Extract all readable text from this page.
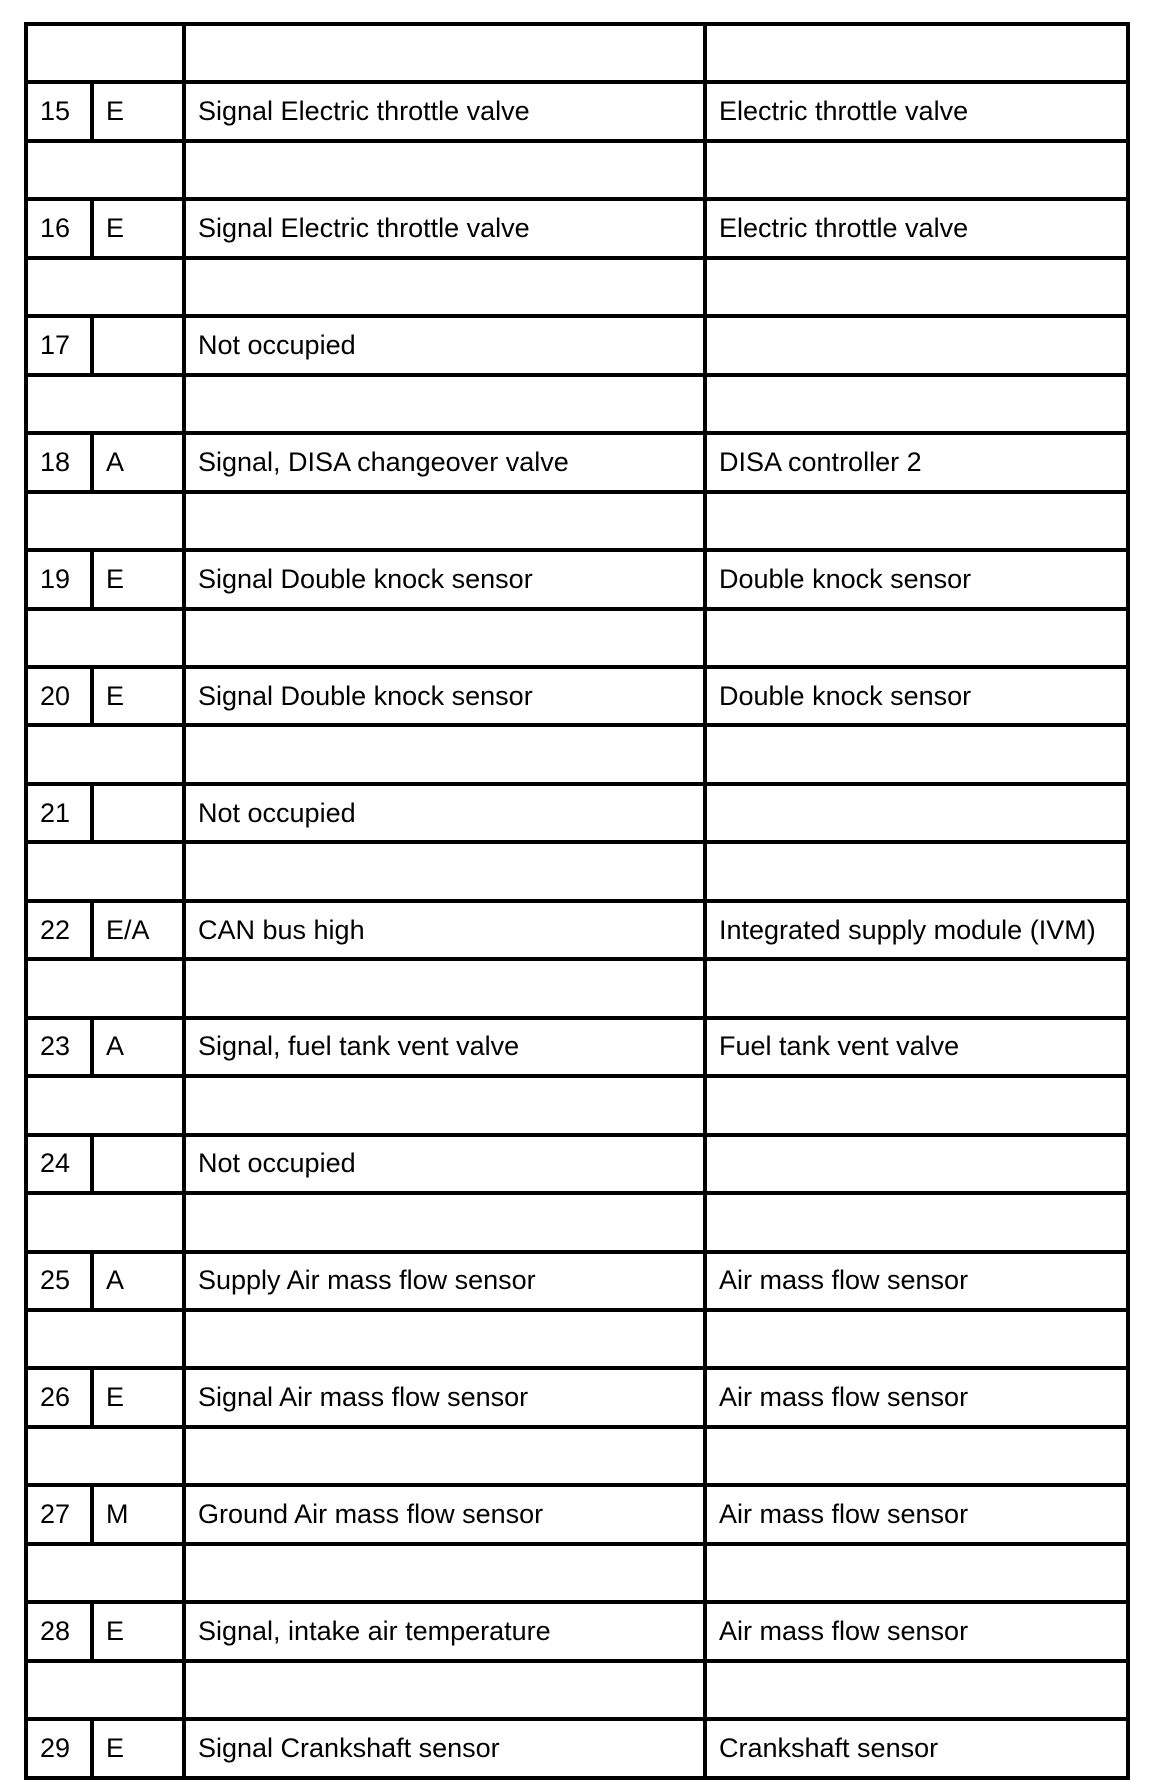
15	E	Signal Electric throttle valve	Electric throttle valve

16	E	Signal Electric throttle valve	Electric throttle valve

17		Not occupied	

18	A	Signal, DISA changeover valve	DISA controller 2

19	E	Signal Double knock sensor	Double knock sensor

20	E	Signal Double knock sensor	Double knock sensor

21		Not occupied	

22	E/A	CAN bus high	Integrated supply module (IVM)

23	A	Signal, fuel tank vent valve	Fuel tank vent valve

24		Not occupied	

25	A	Supply Air mass flow sensor	Air mass flow sensor

26	E	Signal Air mass flow sensor	Air mass flow sensor

27	M	Ground Air mass flow sensor	Air mass flow sensor

28	E	Signal, intake air temperature	Air mass flow sensor

29	E	Signal Crankshaft sensor	Crankshaft sensor
